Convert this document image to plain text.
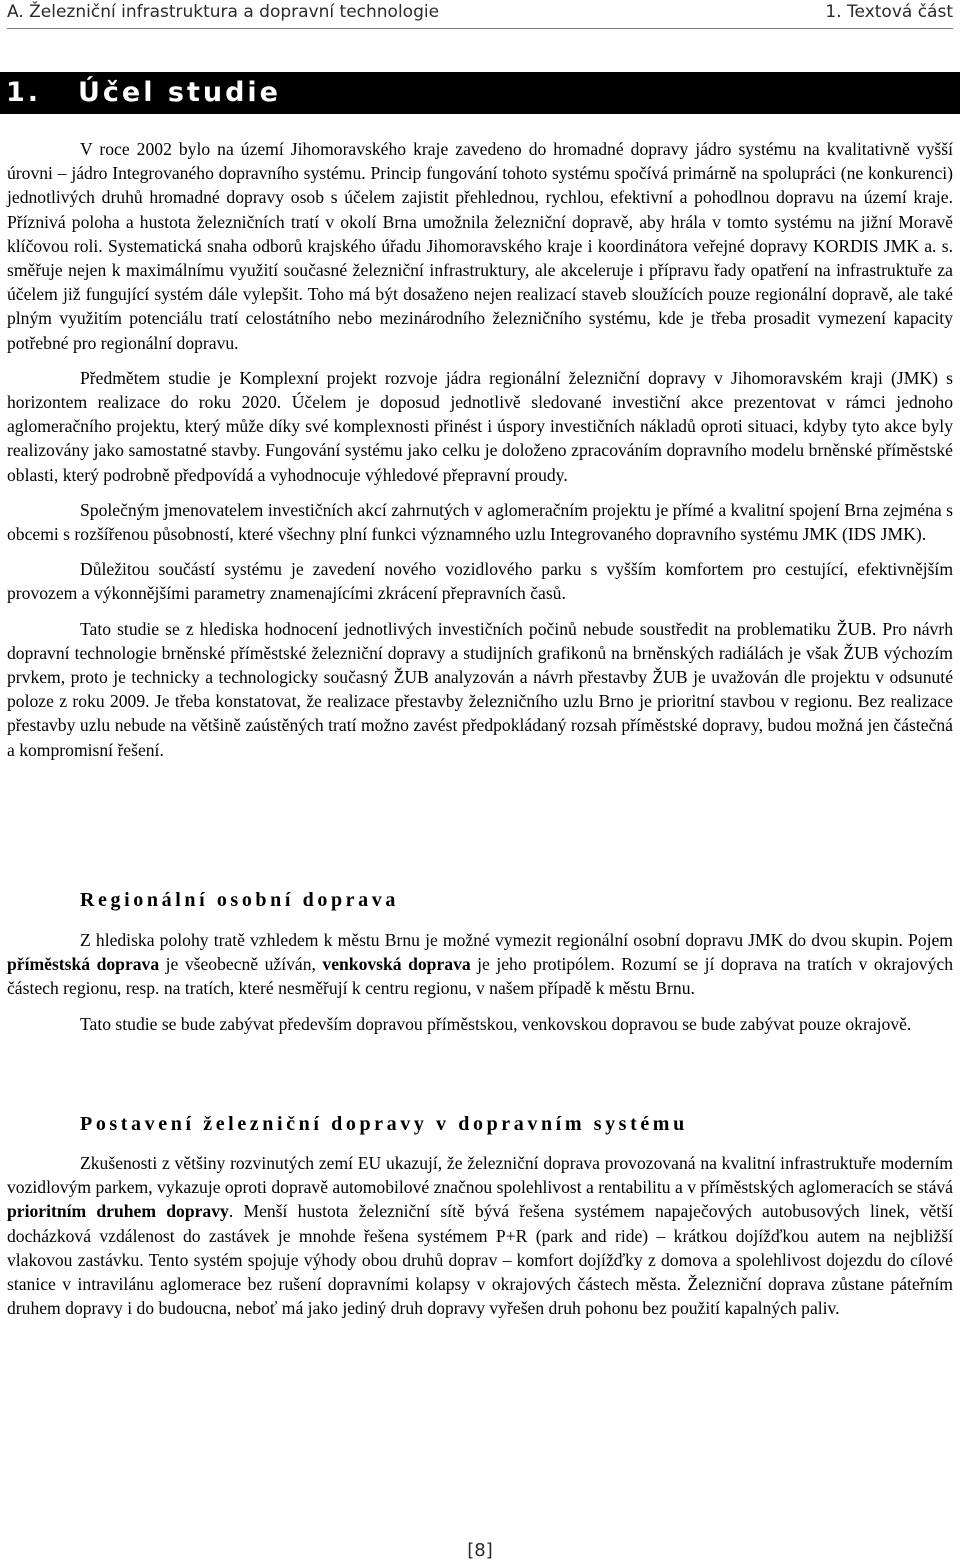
A. Železniční infrastruktura a dopravní technologie	1. Textová část
1. Účel studie

V roce 2002 bylo na území Jihomoravského kraje zavedeno do hromadné dopravy jádro systému na kvalitativně vyšší úrovni – jádro Integrovaného dopravního systému. Princip fungování tohoto systému spočívá primárně na spolupráci (ne konkurenci) jednotlivých druhů hromadné dopravy osob s účelem zajistit přehlednou, rychlou, efektivní a pohodlnou dopravu na území kraje. Příznivá poloha a hustota železničních tratí v okolí Brna umožnila železniční dopravě, aby hrála v tomto systému na jižní Moravě klíčovou roli. Systematická snaha odborů krajského úřadu Jihomoravského kraje i koordinátora veřejné dopravy KORDIS JMK a. s. směřuje nejen k maximálnímu využití současné železniční infrastruktury, ale akceleruje i přípravu řady opatření na infrastruktuře za účelem již fungující systém dále vylepšit. Toho má být dosaženo nejen realizací staveb sloužících pouze regionální dopravě, ale také plným využitím potenciálu tratí celostátního nebo mezinárodního železničního systému, kde je třeba prosadit vymezení kapacity potřebné pro regionální dopravu.

Předmětem studie je Komplexní projekt rozvoje jádra regionální železniční dopravy v Jihomoravském kraji (JMK) s horizontem realizace do roku 2020. Účelem je doposud jednotlivě sledované investiční akce prezentovat v rámci jednoho aglomeračního projektu, který může díky své komplexnosti přinést i úspory investičních nákladů oproti situaci, kdyby tyto akce byly realizovány jako samostatné stavby. Fungování systému jako celku je doloženo zpracováním dopravního modelu brněnské příměstské oblasti, který podrobně předpovídá a vyhodnocuje výhledové přepravní proudy.

Společným jmenovatelem investičních akcí zahrnutých v aglomeračním projektu je přímé a kvalitní spojení Brna zejména s obcemi s rozšířenou působností, které všechny plní funkci významného uzlu Integrovaného dopravního systému JMK (IDS JMK).

Důležitou součástí systému je zavedení nového vozidlového parku s vyšším komfortem pro cestující, efektivnějším provozem a výkonnějšími parametry znamenajícími zkrácení přepravních časů.

Tato studie se z hlediska hodnocení jednotlivých investičních počinů nebude soustředit na problematiku ŽUB. Pro návrh dopravní technologie brněnské příměstské železniční dopravy a studijních grafikonů na brněnských radiálách je však ŽUB výchozím prvkem, proto je technicky a technologicky současný ŽUB analyzován a návrh přestavby ŽUB je uvažován dle projektu v odsunuté poloze z roku 2009. Je třeba konstatovat, že realizace přestavby železničního uzlu Brno je prioritní stavbou v regionu. Bez realizace přestavby uzlu nebude na většině zaústěných tratí možno zavést předpokládaný rozsah příměstské dopravy, budou možná jen částečná a kompromisní řešení.

Regionální osobní doprava

Z hlediska polohy tratě vzhledem k městu Brnu je možné vymezit regionální osobní dopravu JMK do dvou skupin. Pojem příměstská doprava je všeobecně užíván, venkovská doprava je jeho protipólem. Rozumí se jí doprava na tratích v okrajových částech regionu, resp. na tratích, které nesměřují k centru regionu, v našem případě k městu Brnu.

Tato studie se bude zabývat především dopravou příměstskou, venkovskou dopravou se bude zabývat pouze okrajově.

Postavení železniční dopravy v dopravním systému

Zkušenosti z většiny rozvinutých zemí EU ukazují, že železniční doprava provozovaná na kvalitní infrastruktuře moderním vozidlovým parkem, vykazuje oproti dopravě automobilové značnou spolehlivost a rentabilitu a v příměstských aglomeracích se stává prioritním druhem dopravy. Menší hustota železniční sítě bývá řešena systémem napaječových autobusových linek, větší docházková vzdálenost do zastávek je mnohde řešena systémem P+R (park and ride) – krátkou dojížďkou autem na nejbližší vlakovou zastávku. Tento systém spojuje výhody obou druhů doprav – komfort dojížďky z domova a spolehlivost dojezdu do cílové stanice v intravilánu aglomerace bez rušení dopravními kolapsy v okrajových částech města. Železniční doprava zůstane páteřním druhem dopravy i do budoucna, neboť má jako jediný druh dopravy vyřešen druh pohonu bez použití kapalných paliv.

[8]
